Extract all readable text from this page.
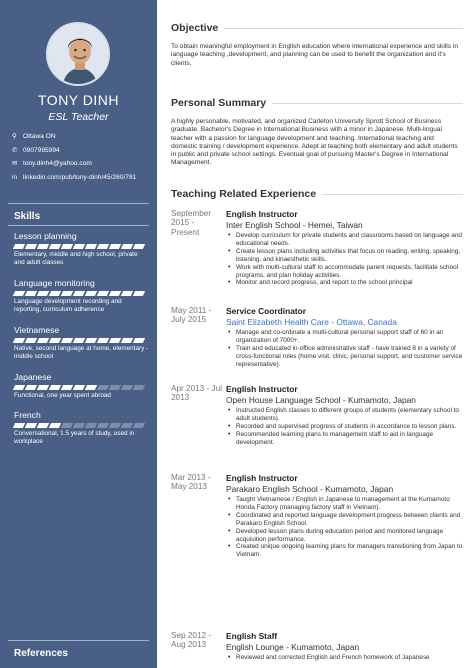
TONY DINH
ESL Teacher
⚲ Ottawa ON
✆ 0907995994
✉ tony.dinh4@yahoo.com
in linkedin.com/pub/tony-dinh/45/260/781
Skills
Lesson planning
Elementary, middle and high school, private and adult classes
Language monitoring
Language development recording and reporting, curriculum adherence
Vietnamese
Native, second language at home, elementary - middle school
Japanese
Functional, one year spent abroad
French
Conversational, 1.5 years of study, used in workplace
References
Objective
To obtain meaningful employment in English education where international experience and skills in language teaching ,development, and planning can be used to benefit the organization and it's clients.
Personal Summary
A highly personable, motivated, and organized Carleton University Sprott School of Business graduate. Bachelor's Degree in International Business with a minor in Japanese. Multi-lingual teacher with a passion for language development and teaching. International teaching and domestic training / development experience. Adept at teaching both elementary and adult students in public and private school settings. Eventual goal of pursuing Master's Degree in International Management.
Teaching Related Experience
September 2015 - Present
English Instructor
Inter English School - Hemei, Taiwan
• Develop curriculum for private students and classrooms based on language and educational needs.
• Create lesson plans including activities that focus on reading, writing, speaking, listening, and kinaesthetic skills.
• Work with multi-cultural staff to accommodate parent requests, facilitate school programs, and plan holiday activities.
• Monitor and record progress, and report to the school principal
May 2011 - July 2015
Service Coordinator
Saint Elizabeth Health Care - Ottawa, Canada
• Manage and co-ordinate a multi-cultural personal support staff of 60 in an organization of 7000+.
• Train and educated in-office administrative staff - have trained 8 in a variety of cross-functional roles (home visit, clinic, personal support, and customer service representative).
Apr 2013 - Jul 2013
English Instructor
Open House Language School - Kumamoto, Japan
• Instructed English classes to different groups of students (elementary school to adult students).
• Recorded and supervised progress of students in accordance to lesson plans.
• Recommended learning plans to management staff to aid in language development.
Mar 2013 - May 2013
English Instructor
Parakaro English School - Kumamoto, Japan
• Taught Vietnamese / English in Japanese to management at the Kumamoto Honda Factory (managing factory staff in Vietnam).
• Coordinated and reported language development progress between clients and Parakaro English School.
• Developed lesson plans during education period and monitored language acquisition performance.
• Created unique ongoing learning plans for managers transitioning from Japan to Vietnam.
Sep 2012 - Aug 2013
English Staff
English Lounge - Kumamoto, Japan
• Reviewed and corrected English and French homework of Japanese
